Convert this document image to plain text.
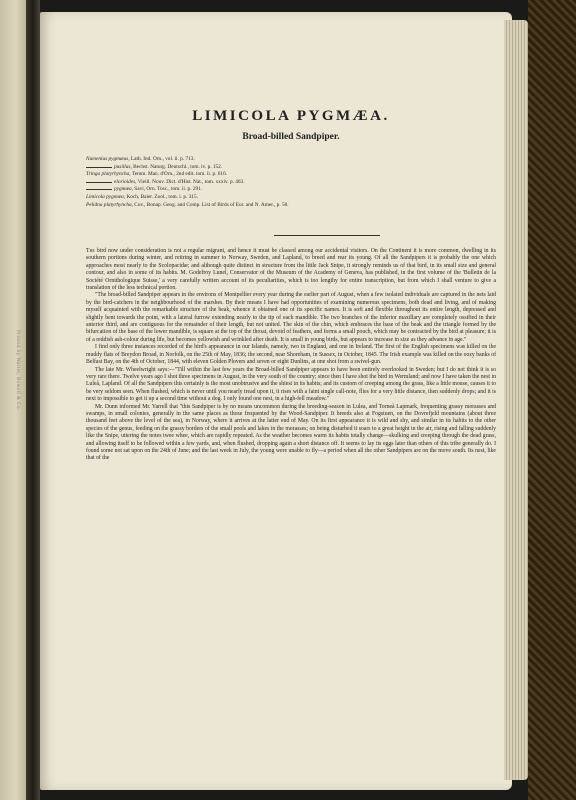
Printed by Walter, Bowell & Co.
LIMICOLA PYGMÆA.
Broad-billed Sandpiper.
Numenius pygmæus, Lath. Ind. Orn., vol. ii. p. 713.
pusillus, Bechst. Naturg. Deutschl., tom. iv. p. 152.
Tringa platyrhyncha, Temm. Man. d'Orn., 2nd edit. tom. ii. p. 616.
elorioides, Vieill. Nouv. Dict. d'Hist. Nat., tom. xxxiv. p. 463.
pygmæa, Savi, Orn. Tosc., tom. ii. p. 291.
Limicola pygmæa, Koch, Baier. Zool., tom. i. p. 315.
Pelidna platyrhyncha, Cuv., Bonap. Geog. and Comp. List of Birds of Eur. and N. Amer., p. 50.

The bird now under consideration is not a regular migrant, and hence it must be classed among our accidental visitors. On the Continent it is more common, dwelling in its southern portions during winter, and retiring in summer to Norway, Sweden, and Lapland, to breed and rear its young. Of all the Sandpipers it is probably the one which approaches most nearly to the Scolopacidæ; and although quite distinct in structure from the little Jack Snipe, it strongly reminds us of that bird, in its small size and general contour, and also in some of its habits. M. Godefroy Lunel, Conservator of the Museum of the Academy of Geneva, has published, in the first volume of the 'Bulletin de la Société Ornithologique Suisse,' a very carefully written account of its peculiarities, which is too lengthy for entire transcription, but from which I shall venture to give a translation of the less technical portion.

"The broad-billed Sandpiper appears in the environs of Montpellier every year during the earlier part of August, when a few isolated individuals are captured in the nets laid by the bird-catchers in the neighbourhood of the marshes. By their means I have had opportunities of examining numerous specimens, both dead and living, and of making myself acquainted with the remarkable structure of the beak, whence it obtained one of its specific names. It is soft and flexible throughout its entire length, depressed and slightly bent towards the point, with a lateral furrow extending nearly to the tip of each mandible. The two branches of the inferior maxillary are completely ossified in their anterior third, and are contiguous for the remainder of their length, but not united. The skin of the chin, which embraces the base of the beak and the triangle formed by the bifurcation of the base of the lower mandible, is square at the top of the throat, devoid of feathers, and forms a small pouch, which may be contracted by the bird at pleasure; it is of a reddish ash-colour during life, but becomes yellowish and wrinkled after death. It is small in young birds, but appears to increase in size as they advance in age."

I find only three instances recorded of the bird's appearance in our Islands, namely, two in England, and one in Ireland. The first of the English specimens was killed on the muddy flats of Breydon Broad, in Norfolk, on the 25th of May, 1836; the second, near Shoreham, in Sussex, in October, 1845. The Irish example was killed on the oozy banks of Belfast Bay, on the 4th of October, 1844, with eleven Golden Plovers and seven or eight Dunlins, at one shot from a swivel-gun.

The late Mr. Wheelwright says:—"Till within the last few years the Broad-billed Sandpiper appears to have been entirely overlooked in Sweden; but I do not think it is so very rare there. Twelve years ago I shot three specimens in August, in the very south of the country; since then I have shot the bird in Wermland; and now I have taken the nest in Luleå, Lapland. Of all the Sandpipers this certainly is the most unobtrusive and the shiest in its habits; and its custom of creeping among the grass, like a little mouse, causes it to be very seldom seen. When flushed, which is never until you nearly tread upon it, it rises with a faint single call-note, flies for a very little distance, then suddenly drops; and it is next to impossible to get it up a second time without a dog. I only found one nest, in a high-fell meadow."

Mr. Dunn informed Mr. Yarrell that "this Sandpiper is by no means uncommon during the breeding-season in Lulea, and Torneå Lapmark, frequenting grassy morasses and swamps, in small colonies, generally in the same places as those frequented by the Wood-Sandpiper. It breeds also at Fogstuen, on the Dovrefjeld mountains (about three thousand feet above the level of the sea), in Norway, where it arrives at the latter end of May. On its first appearance it is wild and shy, and similar in its habits to the other species of the genus, feeding on the grassy borders of the small pools and lakes in the morasses; on being disturbed it soars to a great height in the air, rising and falling suddenly like the Snipe, uttering the notes twee whee, which are rapidly repeated. As the weather becomes warm its habits totally change—skulking and creeping through the dead grass, and allowing itself to be followed within a few yards, and, when flushed, dropping again a short distance off. It seems to lay its eggs later than others of this tribe generally do. I found some not sat upon on the 24th of June; and the last week in July, the young were unable to fly—a period when all the other Sandpipers are on the move south. Its nest, like that of the
